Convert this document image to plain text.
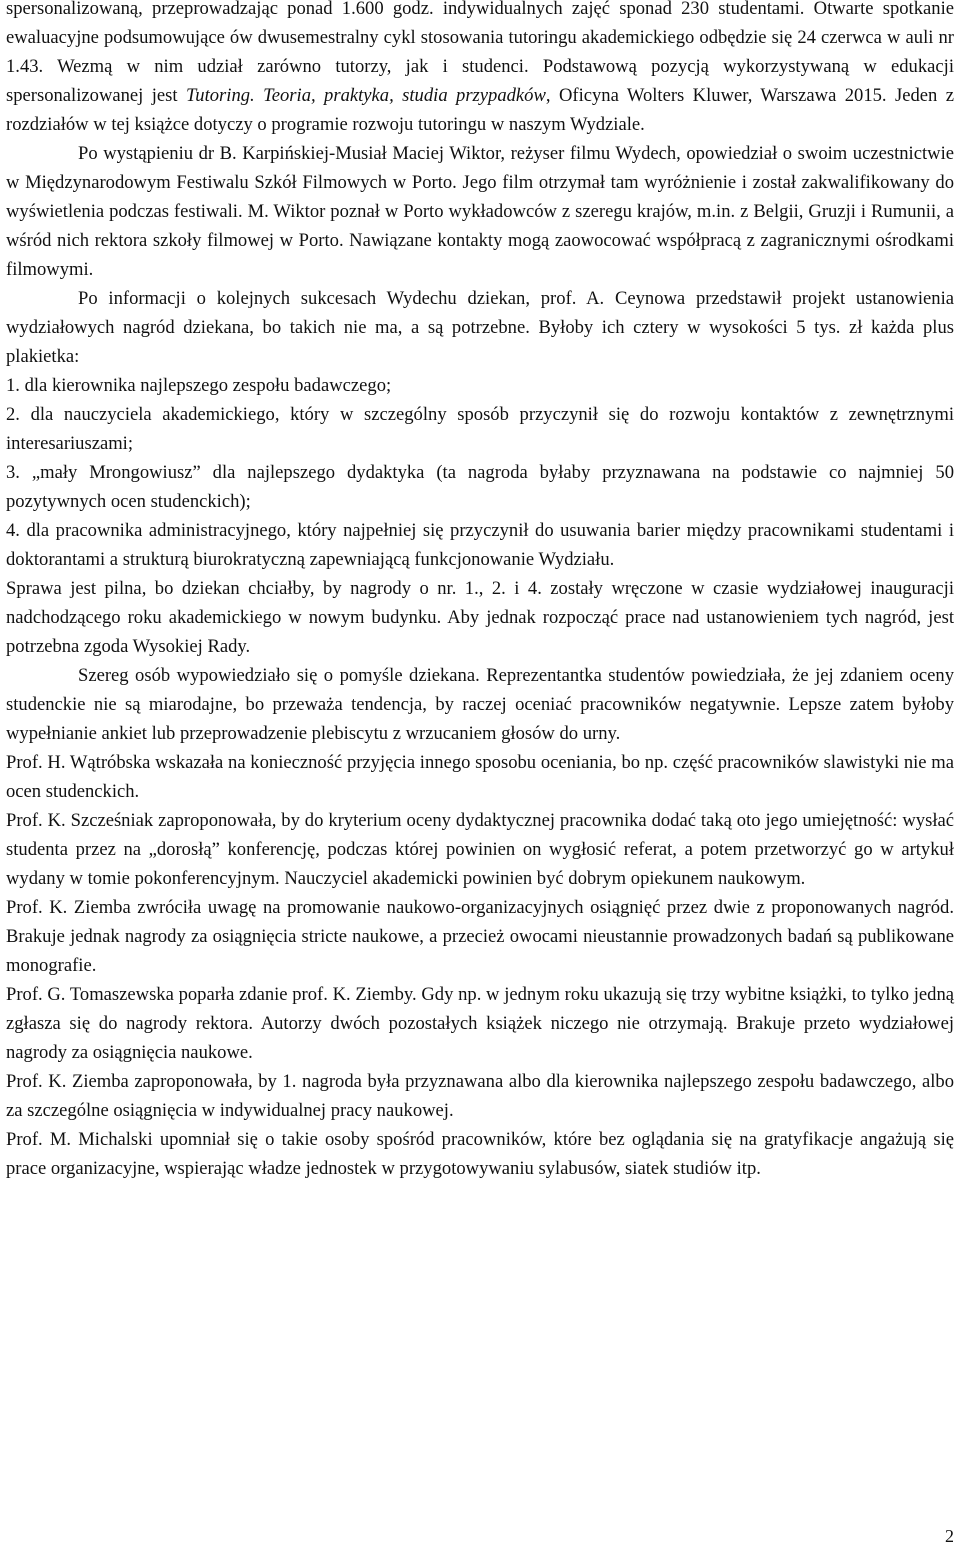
spersonalizowaną, przeprowadzając ponad 1.600 godz. indywidualnych zajęć sponad 230 studentami. Otwarte spotkanie ewaluacyjne podsumowujące ów dwusemestralny cykl stosowania tutoringu akademickiego odbędzie się 24 czerwca w auli nr 1.43. Wezmą w nim udział zarówno tutorzy, jak i studenci. Podstawową pozycją wykorzystywaną w edukacji spersonalizowanej jest Tutoring. Teoria, praktyka, studia przypadków, Oficyna Wolters Kluwer, Warszawa 2015. Jeden z rozdziałów w tej książce dotyczy o programie rozwoju tutoringu w naszym Wydziale.

Po wystąpieniu dr B. Karpińskiej-Musiał Maciej Wiktor, reżyser filmu Wydech, opowiedział o swoim uczestnictwie w Międzynarodowym Festiwalu Szkół Filmowych w Porto. Jego film otrzymał tam wyróżnienie i został zakwalifikowany do wyświetlenia podczas festiwali. M. Wiktor poznał w Porto wykładowców z szeregu krajów, m.in. z Belgii, Gruzji i Rumunii, a wśród nich rektora szkoły filmowej w Porto. Nawiązane kontakty mogą zaowocować współpracą z zagranicznymi ośrodkami filmowymi.

Po informacji o kolejnych sukcesach Wydechu dziekan, prof. A. Ceynowa przedstawił projekt ustanowienia wydziałowych nagród dziekana, bo takich nie ma, a są potrzebne. Byłoby ich cztery w wysokości 5 tys. zł każda plus plakietka:

1. dla kierownika najlepszego zespołu badawczego;

2. dla nauczyciela akademickiego, który w szczególny sposób przyczynił się do rozwoju kontaktów z zewnętrznymi interesariuszami;

3. „mały Mrongowiusz” dla najlepszego dydaktyka (ta nagroda byłaby przyznawana na podstawie co najmniej 50 pozytywnych ocen studenckich);

4. dla pracownika administracyjnego, który najpełniej się przyczynił do usuwania barier między pracownikami studentami i doktorantami a strukturą biurokratyczną zapewniającą funkcjonowanie Wydziału.

Sprawa jest pilna, bo dziekan chciałby, by nagrody o nr. 1., 2. i 4. zostały wręczone w czasie wydziałowej inauguracji nadchodzącego roku akademickiego w nowym budynku. Aby jednak rozpocząć prace nad ustanowieniem tych nagród, jest potrzebna zgoda Wysokiej Rady.

Szereg osób wypowiedziało się o pomyśle dziekana. Reprezentantka studentów powiedziała, że jej zdaniem oceny studenckie nie są miarodajne, bo przeważa tendencja, by raczej oceniać pracowników negatywnie. Lepsze zatem byłoby wypełnianie ankiet lub przeprowadzenie plebiscytu z wrzucaniem głosów do urny.

Prof. H. Wątróbska wskazała na konieczność przyjęcia innego sposobu oceniania, bo np. część pracowników slawistyki nie ma ocen studenckich.

Prof. K. Szcześniak zaproponowała, by do kryterium oceny dydaktycznej pracownika dodać taką oto jego umiejętność: wysłać studenta przez na „dorosłą” konferencję, podczas której powinien on wygłosić referat, a potem przetworzyć go w artykuł wydany w tomie pokonferencyjnym. Nauczyciel akademicki powinien być dobrym opiekunem naukowym.

Prof. K. Ziemba zwróciła uwagę na promowanie naukowo-organizacyjnych osiągnięć przez dwie z proponowanych nagród. Brakuje jednak nagrody za osiągnięcia stricte naukowe, a przecież owocami nieustannie prowadzonych badań są publikowane monografie.

Prof. G. Tomaszewska poparła zdanie prof. K. Ziemby. Gdy np. w jednym roku ukazują się trzy wybitne książki, to tylko jedną zgłasza się do nagrody rektora. Autorzy dwóch pozostałych książek niczego nie otrzymają. Brakuje przeto wydziałowej nagrody za osiągnięcia naukowe.

Prof. K. Ziemba zaproponowała, by 1. nagroda była przyznawana albo dla kierownika najlepszego zespołu badawczego, albo za szczególne osiągnięcia w indywidualnej pracy naukowej.

Prof. M. Michalski upomniał się o takie osoby spośród pracowników, które bez oglądania się na gratyfikacje angażują się prace organizacyjne, wspierając władze jednostek w przygotowywaniu sylabusów, siatek studiów itp.

2
